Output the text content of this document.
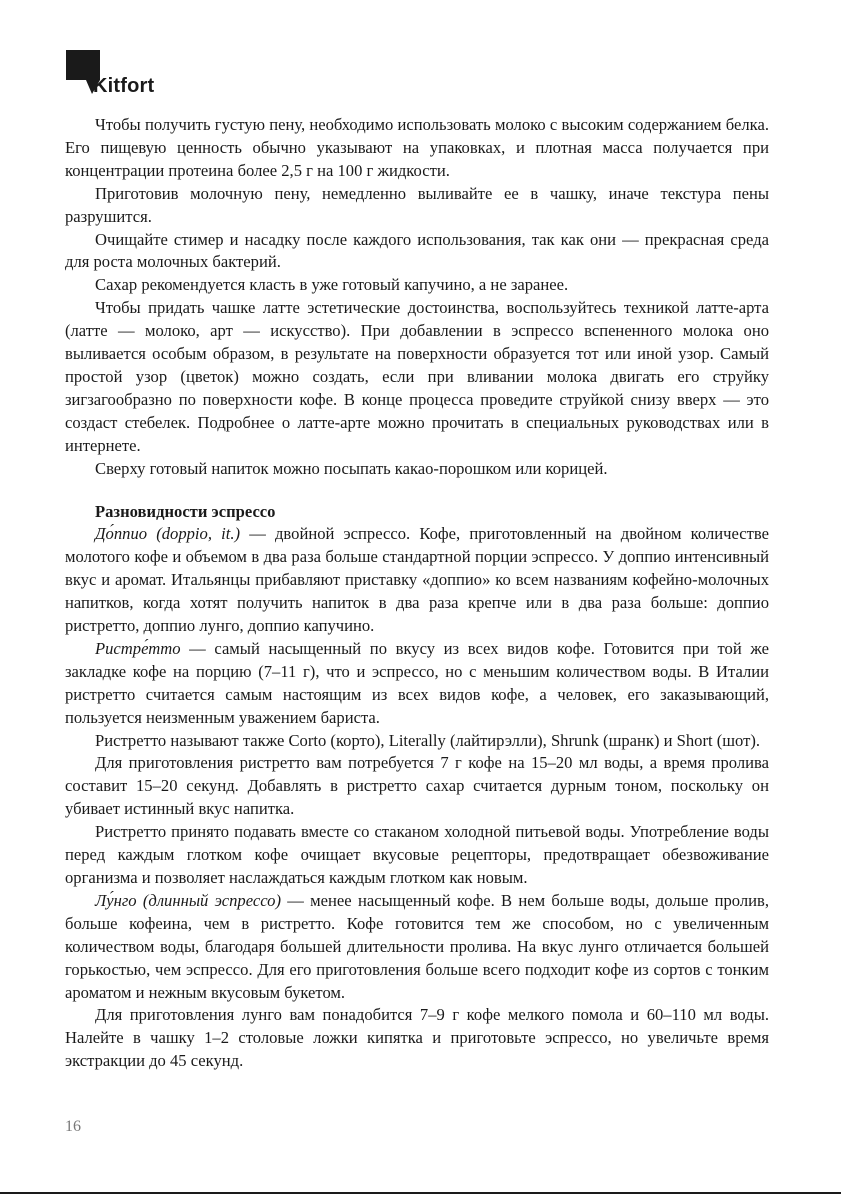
Kitfort

Чтобы получить густую пену, необходимо использовать молоко с высоким содержанием белка. Его пищевую ценность обычно указывают на упаковках, и плотная масса получается при концентрации протеина более 2,5 г на 100 г жидкости.

Приготовив молочную пену, немедленно выливайте ее в чашку, иначе текстура пены разрушится.

Очищайте стимер и насадку после каждого использования, так как они — прекрасная среда для роста молочных бактерий.

Сахар рекомендуется класть в уже готовый капучино, а не заранее.

Чтобы придать чашке латте эстетические достоинства, воспользуйтесь техникой латте-арта (латте — молоко, арт — искусство). При добавлении в эспрессо вспененного молока оно выливается особым образом, в результате на поверхности образуется тот или иной узор. Самый простой узор (цветок) можно создать, если при вливании молока двигать его струйку зигзагообразно по поверхности кофе. В конце процесса проведите струйкой снизу вверх — это создаст стебелек. Подробнее о латте-арте можно прочитать в специальных руководствах или в интернете.

Сверху готовый напиток можно посыпать какао-порошком или корицей.

Разновидности эспрессо

До́ппио (doppio, it.) — двойной эспрессо. Кофе, приготовленный на двойном количестве молотого кофе и объемом в два раза больше стандартной порции эспрессо. У доппио интенсивный вкус и аромат. Итальянцы прибавляют приставку «доппио» ко всем названиям кофейно-молочных напитков, когда хотят получить напиток в два раза крепче или в два раза больше: доппио ристретто, доппио лунго, доппио капучино.

Ристре́тто — самый насыщенный по вкусу из всех видов кофе. Готовится при той же закладке кофе на порцию (7–11 г), что и эспрессо, но с меньшим количеством воды. В Италии ристретто считается самым настоящим из всех видов кофе, а человек, его заказывающий, пользуется неизменным уважением бариста.

Ристретто называют также Corto (корто), Literally (лайтирэлли), Shrunk (шранк) и Short (шот).

Для приготовления ристретто вам потребуется 7 г кофе на 15–20 мл воды, а время пролива составит 15–20 секунд. Добавлять в ристретто сахар считается дурным тоном, поскольку он убивает истинный вкус напитка.

Ристретто принято подавать вместе со стаканом холодной питьевой воды. Употребление воды перед каждым глотком кофе очищает вкусовые рецепторы, предотвращает обезвоживание организма и позволяет наслаждаться каждым глотком как новым.

Лу́нго (длинный эспрессо) — менее насыщенный кофе. В нем больше воды, дольше пролив, больше кофеина, чем в ристретто. Кофе готовится тем же способом, но с увеличенным количеством воды, благодаря большей длительности пролива. На вкус лунго отличается большей горькостью, чем эспрессо. Для его приготовления больше всего подходит кофе из сортов с тонким ароматом и нежным вкусовым букетом.

Для приготовления лунго вам понадобится 7–9 г кофе мелкого помола и 60–110 мл воды. Налейте в чашку 1–2 столовые ложки кипятка и приготовьте эспрессо, но увеличьте время экстракции до 45 секунд.

16
